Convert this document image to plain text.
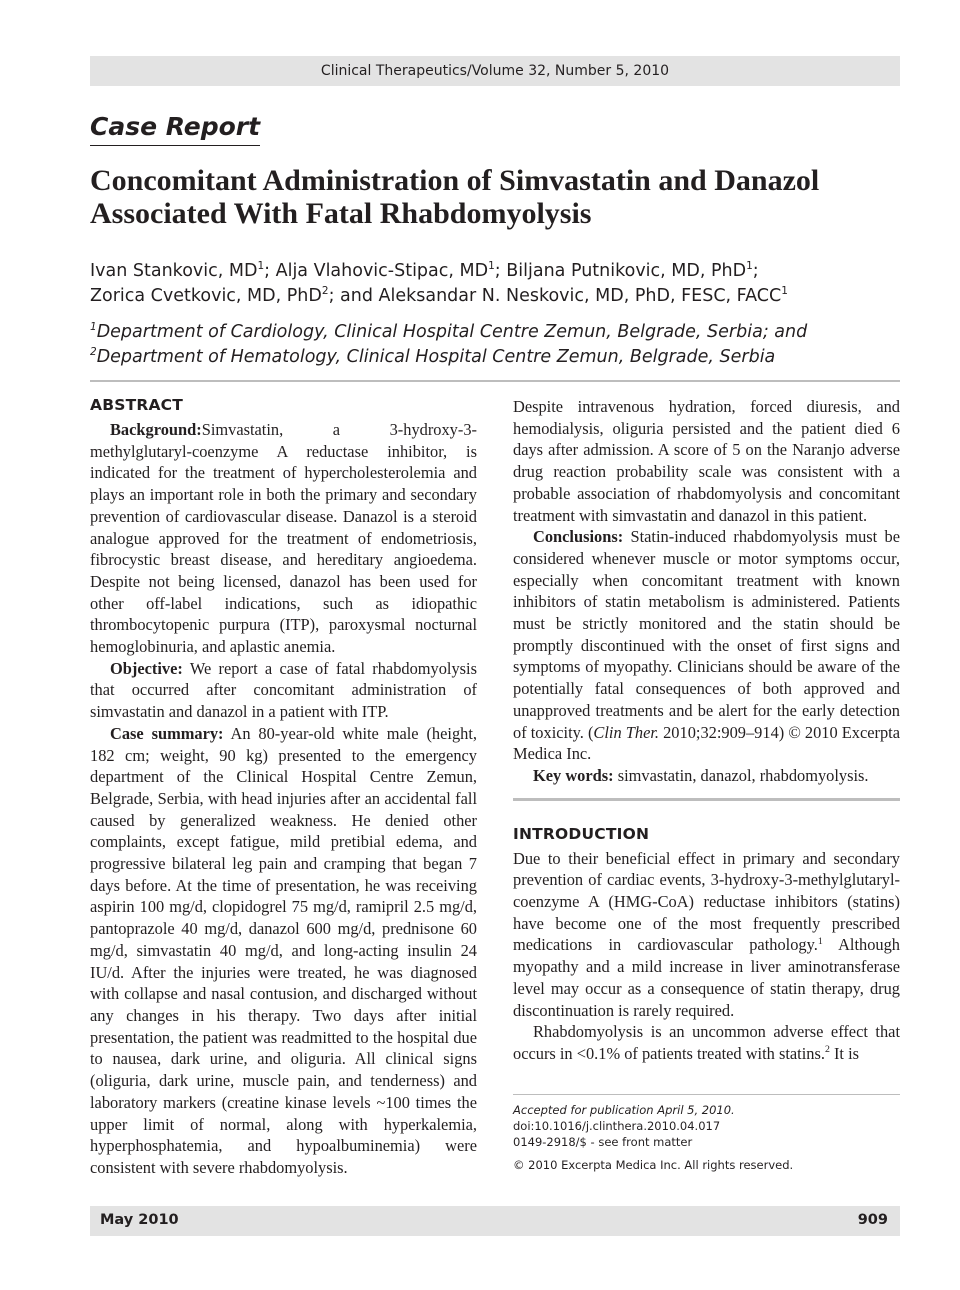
Clinical Therapeutics/Volume 32, Number 5, 2010
Case Report
Concomitant Administration of Simvastatin and Danazol
Associated With Fatal Rhabdomyolysis
Ivan Stankovic, $MD^1$; Alja Vlahovic-Stipac, $MD^1$; Biljana Putnikovic, MD, PhD$^1$;
Zorica Cvetkovic, MD, PhD$^2$; and Aleksandar N. Neskovic, MD, PhD, FESC, FACC$^1$
$^1$Department of Cardiology, Clinical Hospital Centre Zemun, Belgrade, Serbia; and $^2$Department of Hematology, Clinical Hospital Centre Zemun, Belgrade, Serbia
ABSTRACT

Background:Simvastatin, a 3-hydroxy-3-methylglutaryl-coenzyme A reductase inhibitor, is indicated for the treatment of hypercholesterolemia and plays an important role in both the primary and secondary prevention of cardiovascular disease. Danazol is a steroid analogue approved for the treatment of endometriosis, fibrocystic breast disease, and hereditary angioedema. Despite not being licensed, danazol has been used for other off-label indications, such as idiopathic thrombocytopenic purpura (ITP), paroxysmal nocturnal hemoglobinuria, and aplastic anemia.

Objective: We report a case of fatal rhabdomyolysis that occurred after concomitant administration of simvastatin and danazol in a patient with ITP.

Case summary: An 80-year-old white male (height, 182 cm; weight, 90 kg) presented to the emergency department of the Clinical Hospital Centre Zemun, Belgrade, Serbia, with head injuries after an accidental fall caused by generalized weakness. He denied other complaints, except fatigue, mild pretibial edema, and progressive bilateral leg pain and cramping that began 7 days before. At the time of presentation, he was receiving aspirin 100 mg/d, clopidogrel 75 mg/d, ramipril 2.5 mg/d, pantoprazole 40 mg/d, danazol 600 mg/d, prednisone 60 mg/d, simvastatin 40 mg/d, and long-acting insulin 24 IU/d. After the injuries were treated, he was diagnosed with collapse and nasal contusion, and discharged without any changes in his therapy. Two days after initial presentation, the patient was readmitted to the hospital due to nausea, dark urine, and oliguria. All clinical signs (oliguria, dark urine, muscle pain, and tenderness) and laboratory markers (creatine kinase levels ~100 times the upper limit of normal, along with hyperkalemia, hyperphosphatemia, and hypoalbuminemia) were consistent with severe rhabdomyolysis.

Despite intravenous hydration, forced diuresis, and hemodialysis, oliguria persisted and the patient died 6 days after admission. A score of 5 on the Naranjo adverse drug reaction probability scale was consistent with a probable association of rhabdomyolysis and concomitant treatment with simvastatin and danazol in this patient.

Conclusions: Statin-induced rhabdomyolysis must be considered whenever muscle or motor symptoms occur, especially when concomitant treatment with known inhibitors of statin metabolism is administered. Patients must be strictly monitored and the statin should be promptly discontinued with the onset of first signs and symptoms of myopathy. Clinicians should be aware of the potentially fatal consequences of both approved and unapproved treatments and be alert for the early detection of toxicity. (Clin Ther. 2010;32:909–914) © 2010 Excerpta Medica Inc.

Key words: simvastatin, danazol, rhabdomyolysis.

INTRODUCTION

Due to their beneficial effect in primary and secondary prevention of cardiac events, 3-hydroxy-3-methylglutaryl-coenzyme A (HMG-CoA) reductase inhibitors (statins) have become one of the most frequently prescribed medications in cardiovascular pathology.$^1$ Although myopathy and a mild increase in liver aminotransferase level may occur as a consequence of statin therapy, drug discontinuation is rarely required.

Rhabdomyolysis is an uncommon adverse effect that occurs in <0.1% of patients treated with statins.$^2$ It is

Accepted for publication April 5, 2010.
doi:10.1016/j.clinthera.2010.04.017
0149-2918/$ - see front matter
© 2010 Excerpta Medica Inc. All rights reserved.
May 2010	909
